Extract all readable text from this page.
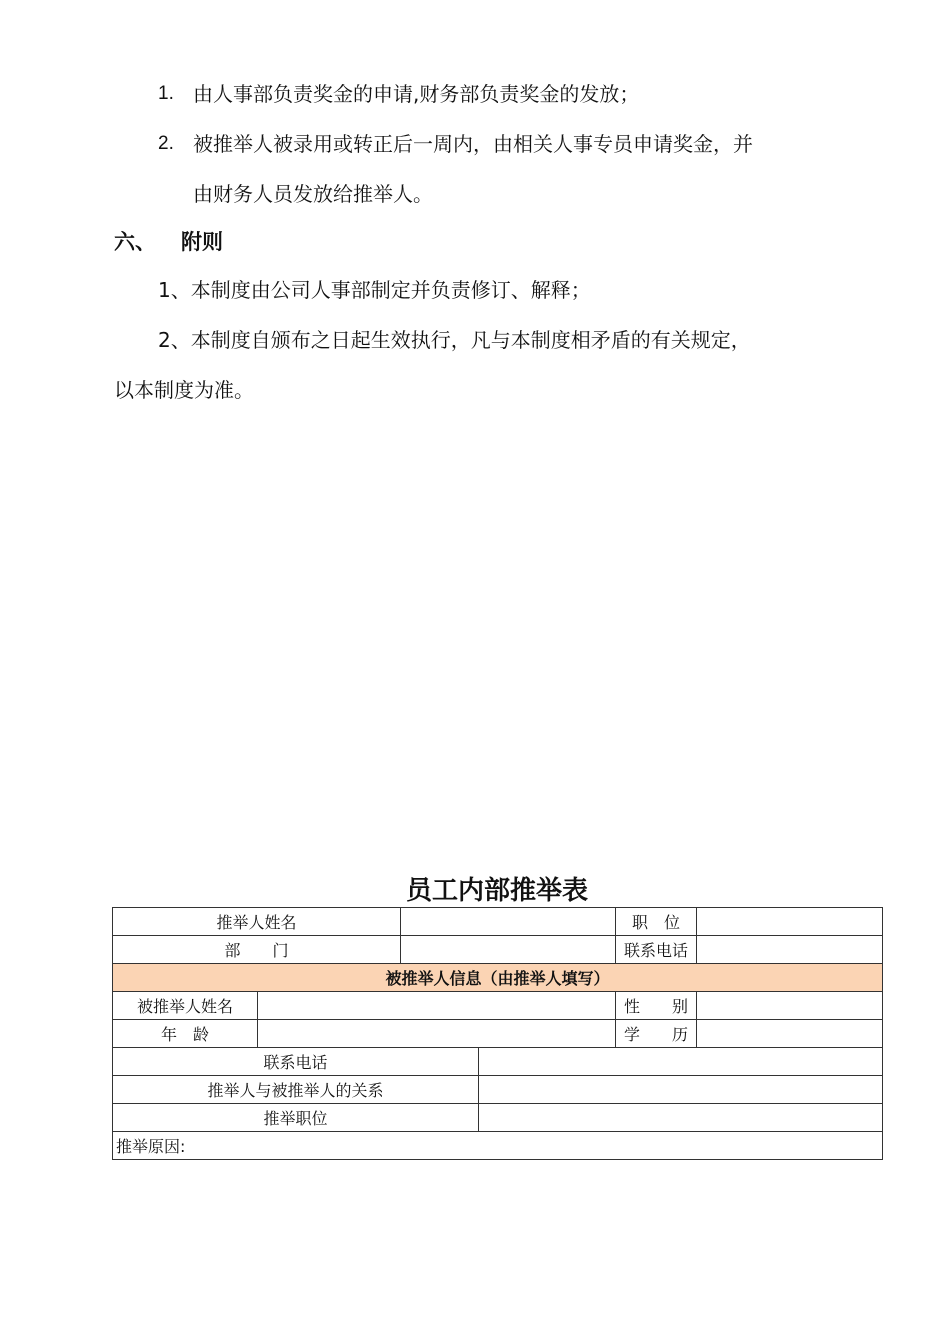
1. 由人事部负责奖金的申请,财务部负责奖金的发放；
2. 被推举人被录用或转正后一周内，由相关人事专员申请奖金，并
由财务人员发放给推举人。
六、 附则
1、本制度由公司人事部制定并负责修订、解释；
2、本制度自颁布之日起生效执行，凡与本制度相矛盾的有关规定，
以本制度为准。
员工内部推举表
推举人姓名				职　位	
部　　门				联系电话	
被推举人信息（由推举人填写）					
被推举人姓名				性　　别	
年　龄				学　　历	
联系电话					
推举人与被推举人的关系					
推举职位					
推举原因:					
